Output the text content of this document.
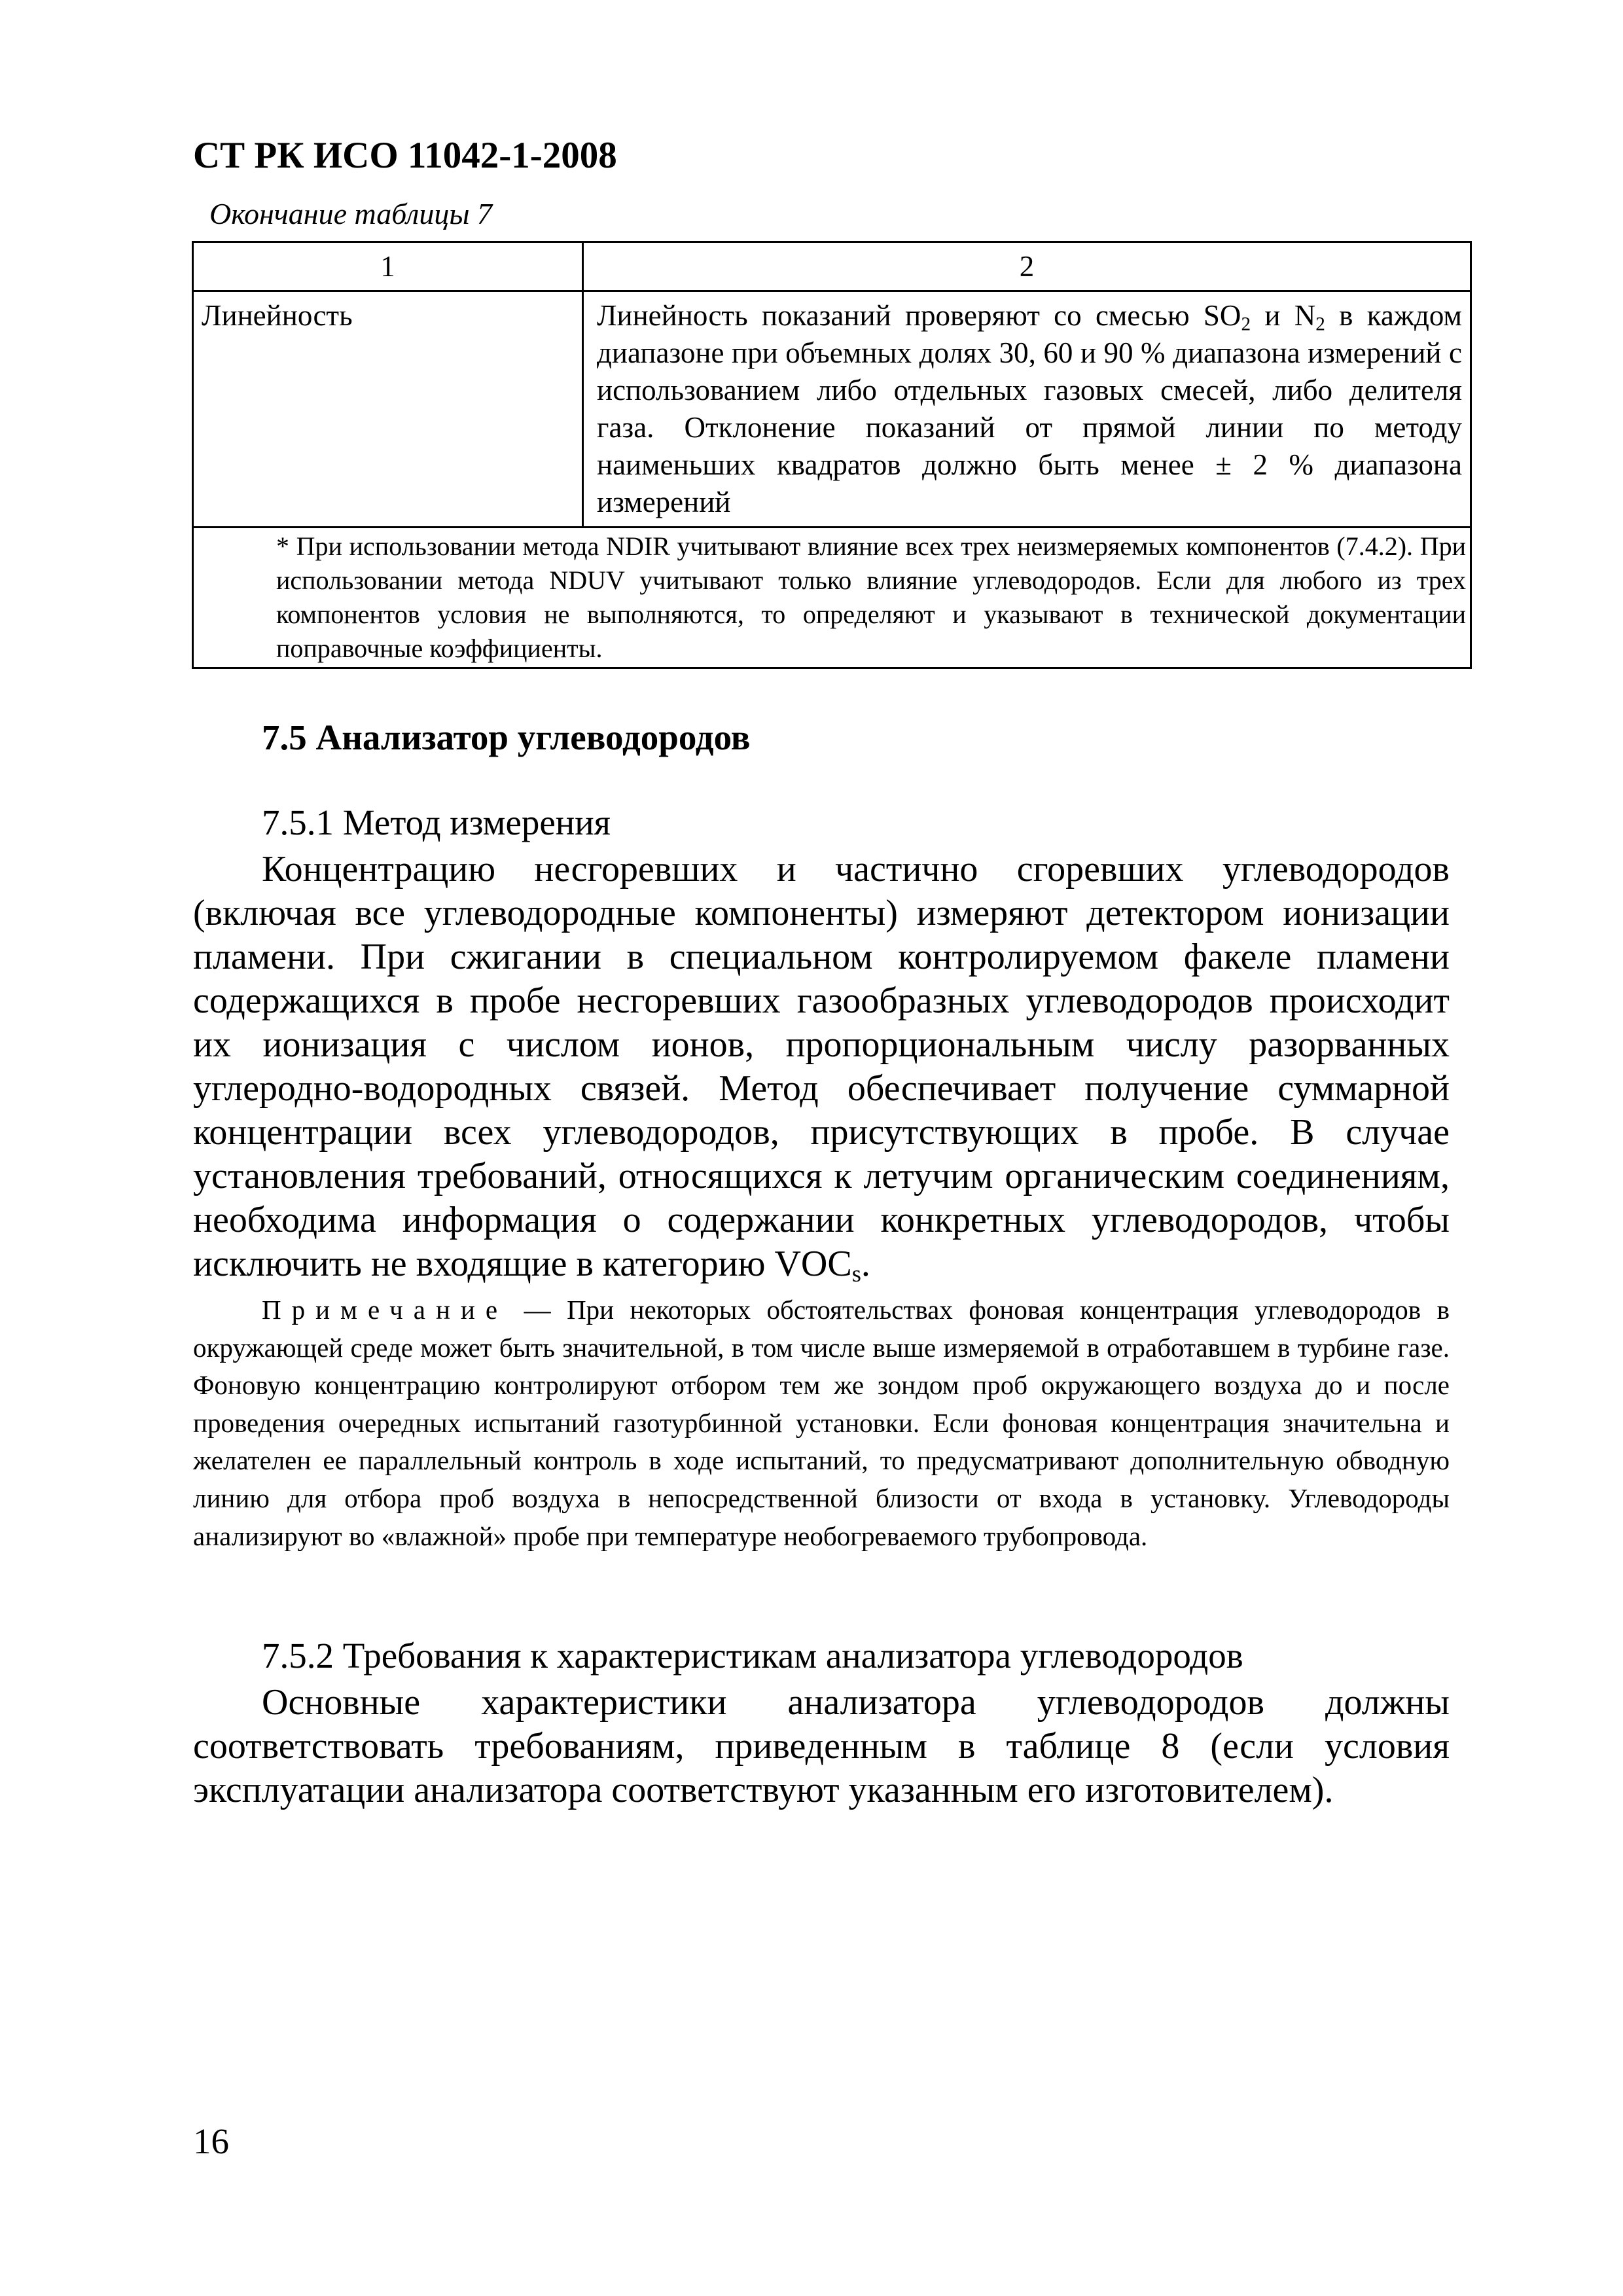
СТ РК ИСО 11042-1-2008
Окончание таблицы 7
1	2
Линейность	Линейность показаний проверяют со смесью $SO_2$ и $N_2$ в каждом диапазоне при объемных долях 30, 60 и 90 % диапазона измерений с использованием либо отдельных газовых смесей, либо делителя газа. Отклонение показаний от прямой линии по методу наименьших квадратов должно быть менее ± 2 % диапазона измерений

* При использовании метода NDIR учитывают влияние всех трех неизмеряемых компонентов (7.4.2). При использовании метода NDUV учитывают только влияние углеводородов. Если для любого из трех компонентов условия не выполняются, то определяют и указывают в технической документации поправочные коэффициенты.	
7.5 Анализатор углеводородов
7.5.1 Метод измерения

Концентрацию несгоревших и частично сгоревших углеводородов (включая все углеводородные компоненты) измеряют детектором ионизации пламени. При сжигании в специальном контролируемом факеле пламени содержащихся в пробе несгоревших газообразных углеводородов происходит их ионизация с числом ионов, пропорциональным числу разорванных углеродно-водородных связей. Метод обеспечивает получение суммарной концентрации всех углеводородов, присутствующих в пробе. В случае установления требований, относящихся к летучим органическим соединениям, необходима информация о содержании конкретных углеводородов, чтобы исключить не входящие в категорию $VOC_s$.

Примечание — При некоторых обстоятельствах фоновая концентрация углеводородов в окружающей среде может быть значительной, в том числе выше измеряемой в отработавшем в турбине газе. Фоновую концентрацию контролируют отбором тем же зондом проб окружающего воздуха до и после проведения очередных испытаний газотурбинной установки. Если фоновая концентрация значительна и желателен ее параллельный контроль в ходе испытаний, то предусматривают дополнительную обводную линию для отбора проб воздуха в непосредственной близости от входа в установку. Углеводороды анализируют во «влажной» пробе при температуре необогреваемого трубопровода.

7.5.2 Требования к характеристикам анализатора углеводородов

Основные характеристики анализатора углеводородов должны соответствовать требованиям, приведенным в таблице 8 (если условия эксплуатации анализатора соответствуют указанным его изготовителем).

16
